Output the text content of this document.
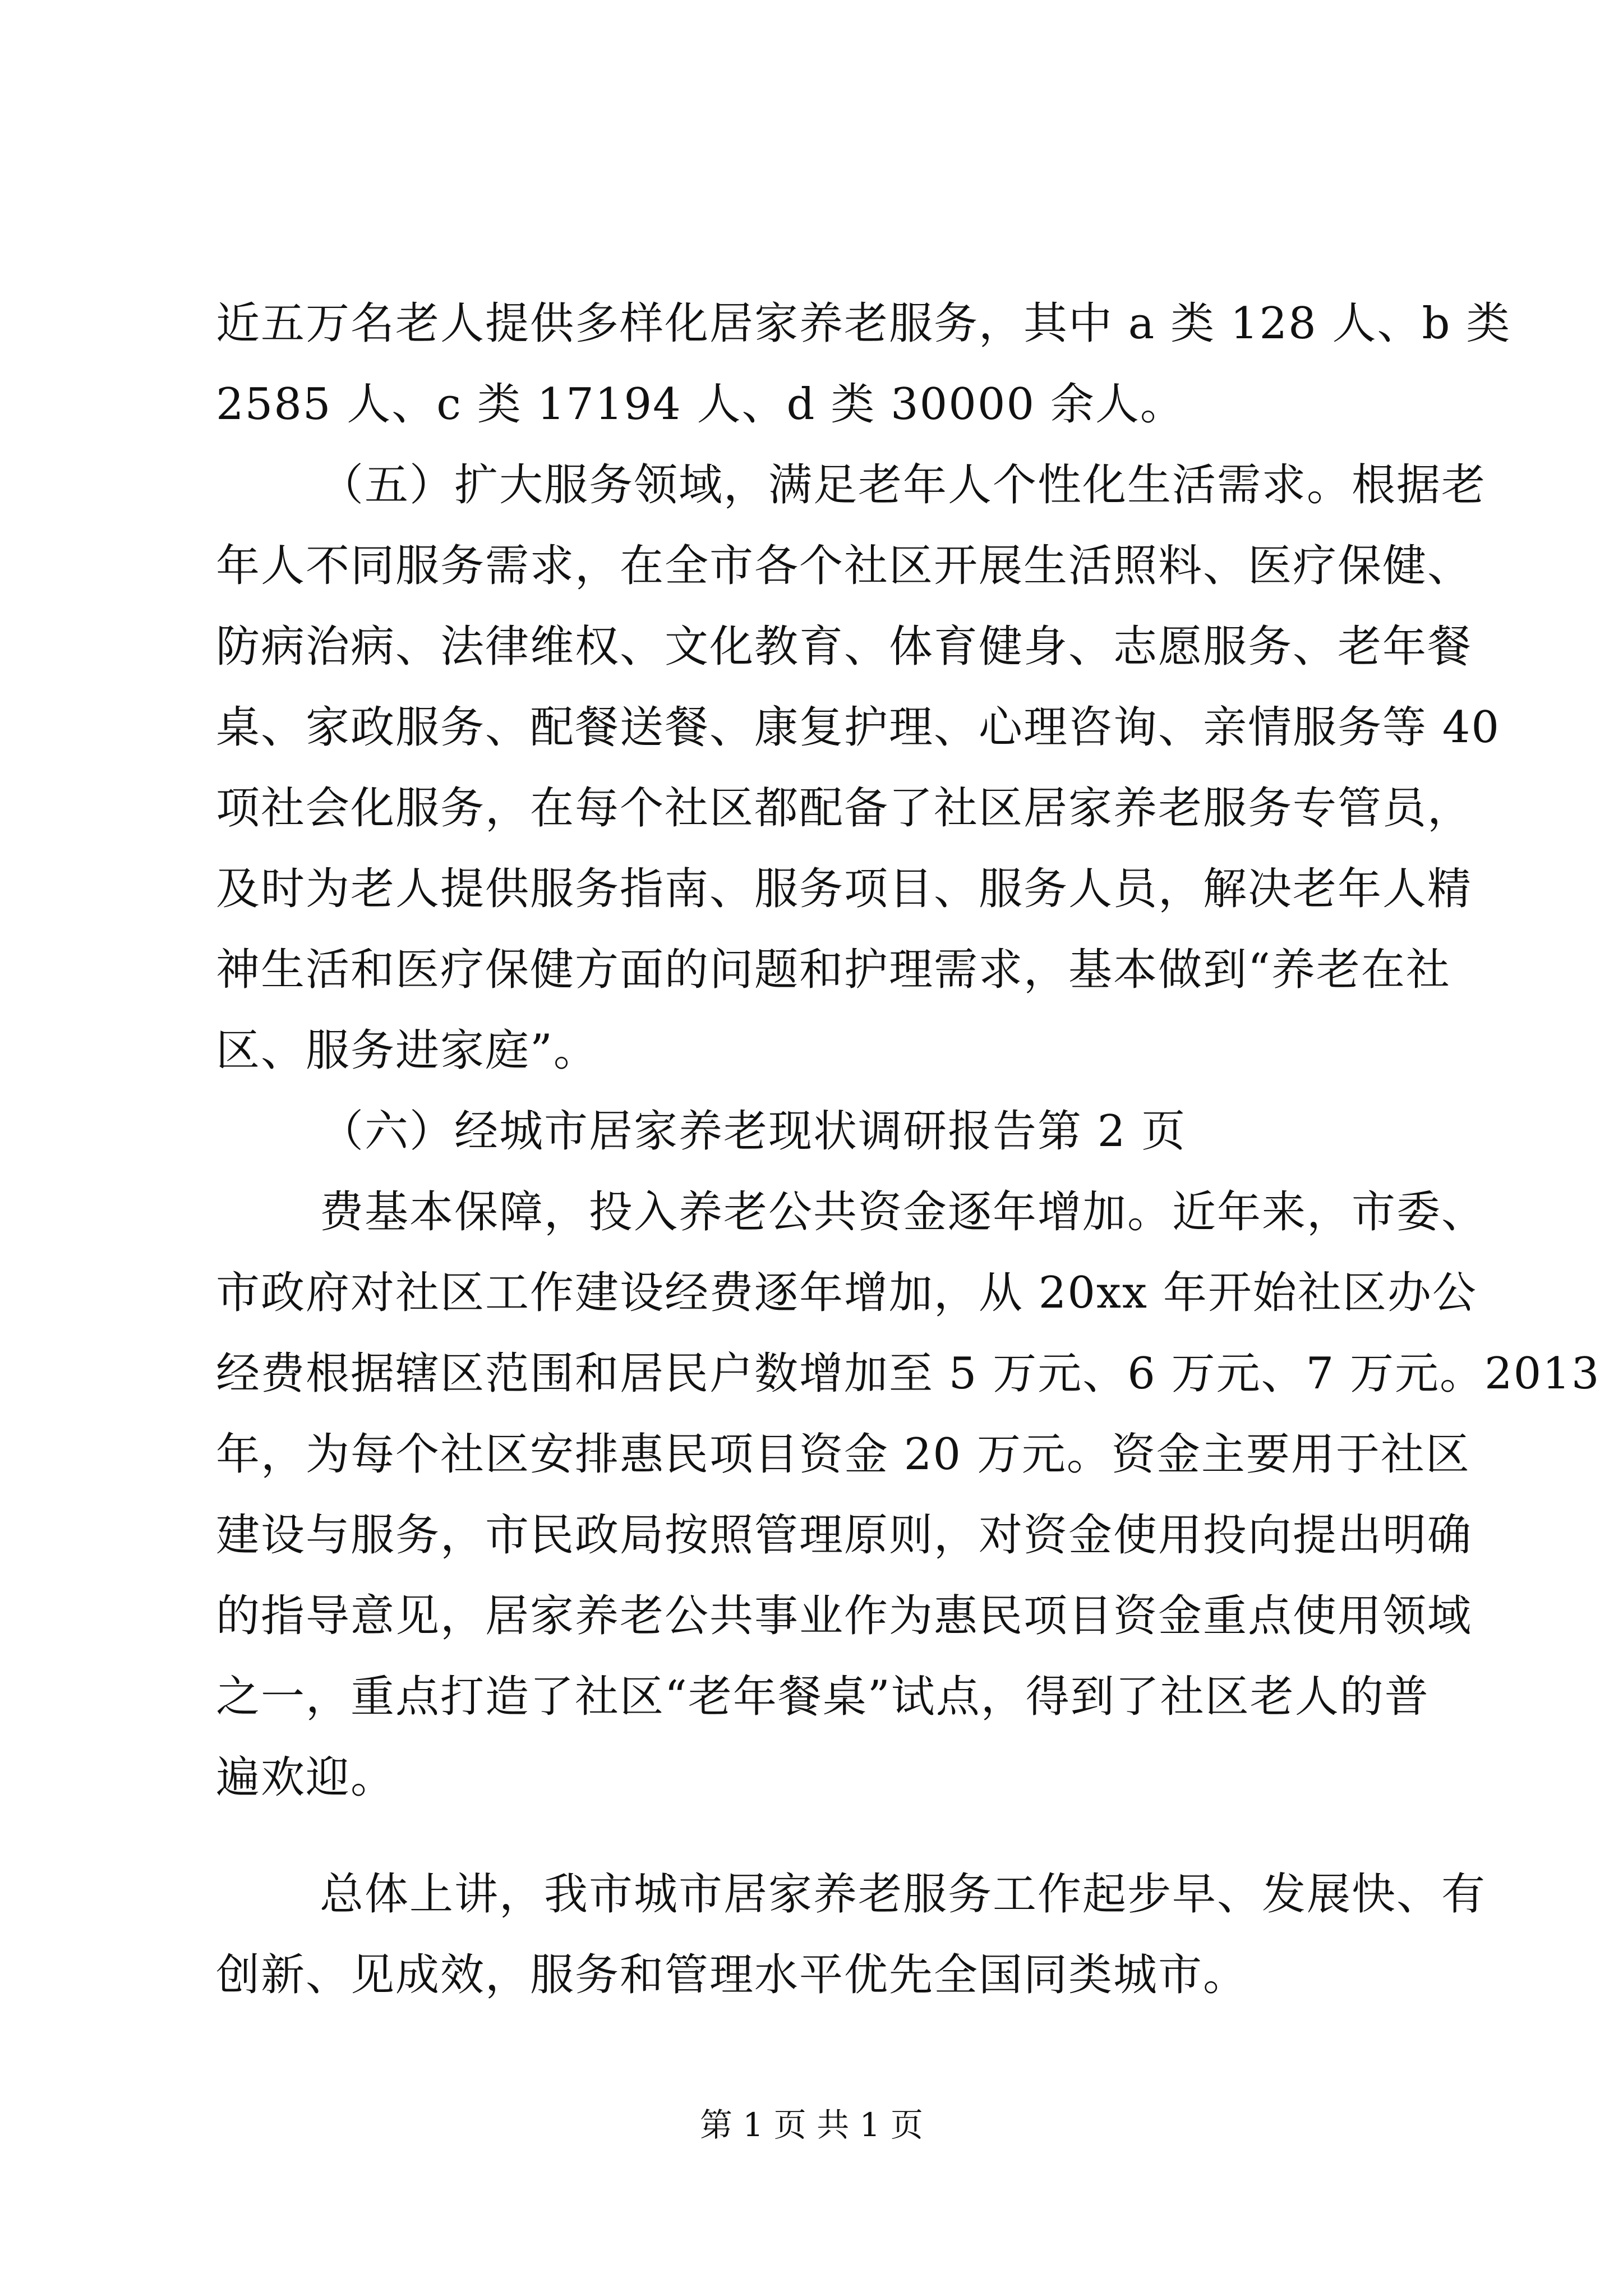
近五万名老人提供多样化居家养老服务，其中 a 类 128 人、b 类
2585 人、c 类 17194 人、d 类 30000 余人。
（五）扩大服务领域，满足老年人个性化生活需求。根据老
年人不同服务需求，在全市各个社区开展生活照料、医疗保健、
防病治病、法律维权、文化教育、体育健身、志愿服务、老年餐
桌、家政服务、配餐送餐、康复护理、心理咨询、亲情服务等 40
项社会化服务，在每个社区都配备了社区居家养老服务专管员，
及时为老人提供服务指南、服务项目、服务人员，解决老年人精
神生活和医疗保健方面的问题和护理需求，基本做到“养老在社
区、服务进家庭”。
（六）经城市居家养老现状调研报告第 2 页
费基本保障，投入养老公共资金逐年增加。近年来，市委、
市政府对社区工作建设经费逐年增加，从 20xx 年开始社区办公
经费根据辖区范围和居民户数增加至 5 万元、6 万元、7 万元。2013
年，为每个社区安排惠民项目资金 20 万元。资金主要用于社区
建设与服务，市民政局按照管理原则，对资金使用投向提出明确
的指导意见，居家养老公共事业作为惠民项目资金重点使用领域
之一，重点打造了社区“老年餐桌”试点，得到了社区老人的普
遍欢迎。
总体上讲，我市城市居家养老服务工作起步早、发展快、有
创新、见成效，服务和管理水平优先全国同类城市。
第 1 页 共 1 页
